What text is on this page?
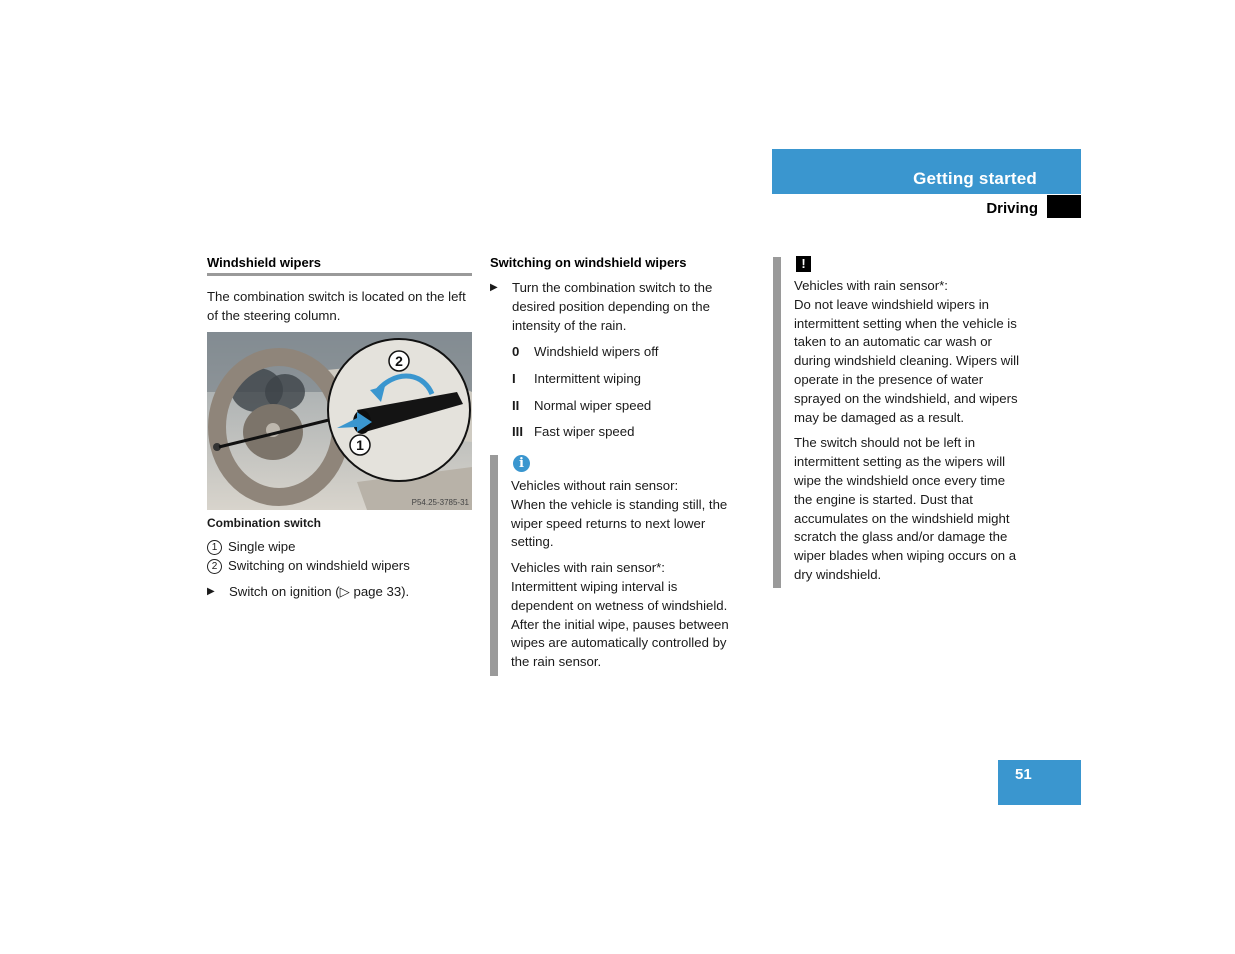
Getting started
Driving
Windshield wipers
The combination switch is located on the left of the steering column.
2
1
P54.25-3785-31
Combination switch
1 Single wipe
2 Switching on windshield wipers
▶	Switch on ignition (▷ page 33).
Switching on windshield wipers
▶	Turn the combination switch to the
desired position depending on the
intensity of the rain.
0	Windshield wipers off
I	Intermittent wiping
II	Normal wiper speed
III Fast wiper speed
i
Vehicles without rain sensor:
When the vehicle is standing still, the
wiper speed returns to next lower
setting.
Vehicles with rain sensor*:
Intermittent wiping interval is
dependent on wetness of windshield.
After the initial wipe, pauses between
wipes are automatically controlled by
the rain sensor.
!
Vehicles with rain sensor*:
Do not leave windshield wipers in
intermittent setting when the vehicle is
taken to an automatic car wash or
during windshield cleaning. Wipers will
operate in the presence of water
sprayed on the windshield, and wipers
may be damaged as a result.
The switch should not be left in
intermittent setting as the wipers will
wipe the windshield once every time
the engine is started. Dust that
accumulates on the windshield might
scratch the glass and/or damage the
wiper blades when wiping occurs on a
dry windshield.
51
